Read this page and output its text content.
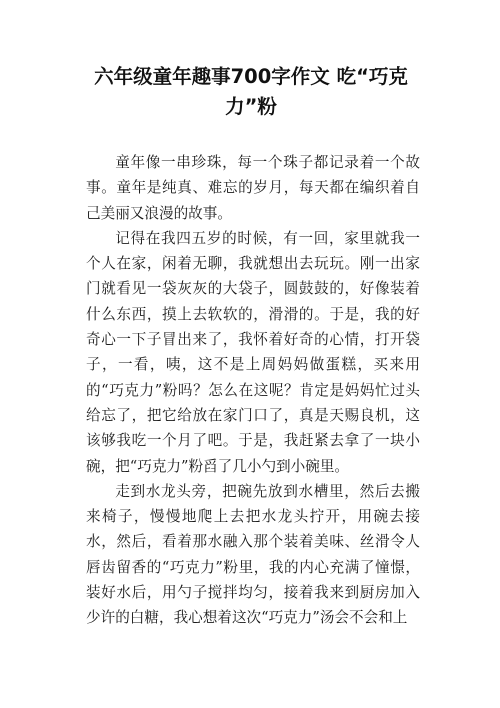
六年级童年趣事700字作文 吃“巧克力”粉

童年像一串珍珠，每一个珠子都记录着一个故事。童年是纯真、难忘的岁月，每天都在编织着自己美丽又浪漫的故事。

记得在我四五岁的时候，有一回，家里就我一个人在家，闲着无聊，我就想出去玩玩。刚一出家门就看见一袋灰灰的大袋子，圆鼓鼓的，好像装着什么东西，摸上去软软的，滑滑的。于是，我的好奇心一下子冒出来了，我怀着好奇的心情，打开袋子，一看，咦，这不是上周妈妈做蛋糕，买来用的“巧克力”粉吗？怎么在这呢？肯定是妈妈忙过头给忘了，把它给放在家门口了，真是天赐良机，这该够我吃一个月了吧。于是，我赶紧去拿了一块小碗，把“巧克力”粉舀了几小勺到小碗里。

走到水龙头旁，把碗先放到水槽里，然后去搬来椅子，慢慢地爬上去把水龙头拧开，用碗去接水，然后，看着那水融入那个装着美味、丝滑令人唇齿留香的“巧克力”粉里，我的内心充满了憧憬，装好水后，用勺子搅拌均匀，接着我来到厨房加入少许的白糖，我心想着这次“巧克力”汤会不会和上
